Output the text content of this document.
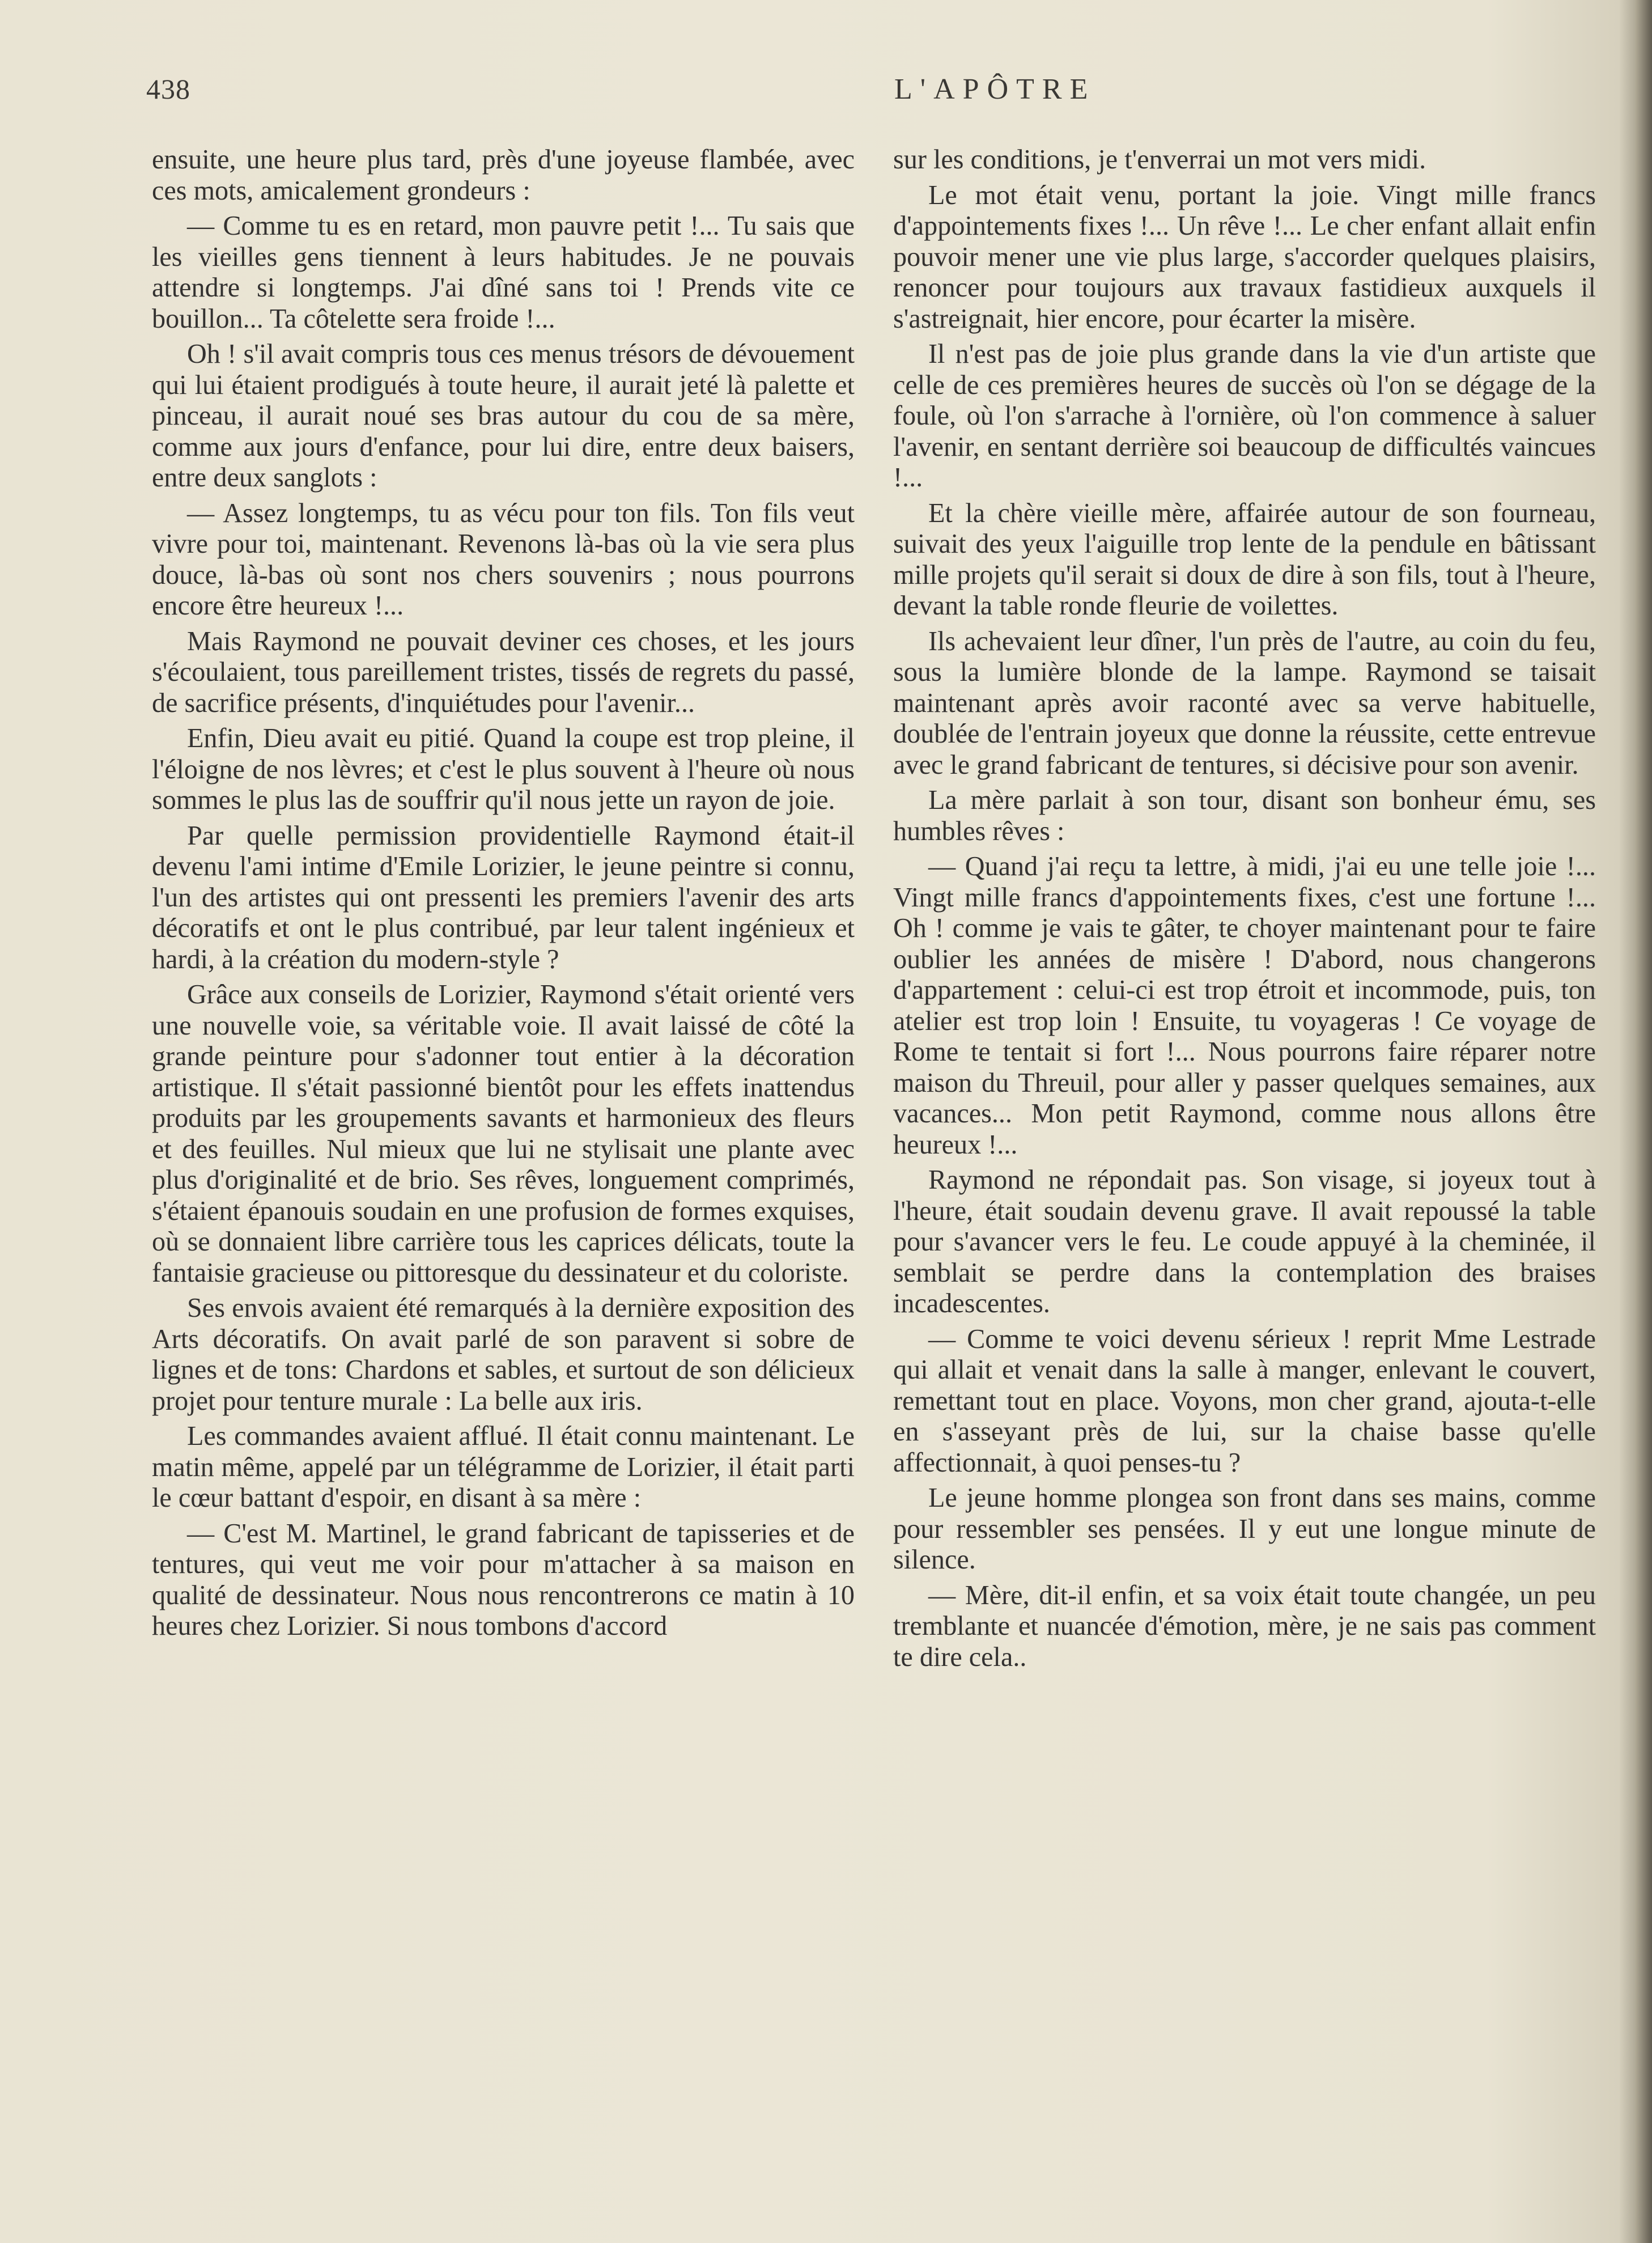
438	L'APÔTRE

ensuite, une heure plus tard, près d'une joyeuse flambée, avec ces mots, amicalement grondeurs :

— Comme tu es en retard, mon pauvre petit !... Tu sais que les vieilles gens tiennent à leurs habitudes. Je ne pouvais attendre si longtemps. J'ai dîné sans toi ! Prends vite ce bouillon... Ta côtelette sera froide !...

Oh ! s'il avait compris tous ces menus trésors de dévouement qui lui étaient prodigués à toute heure, il aurait jeté là palette et pinceau, il aurait noué ses bras autour du cou de sa mère, comme aux jours d'enfance, pour lui dire, entre deux baisers, entre deux sanglots :

— Assez longtemps, tu as vécu pour ton fils. Ton fils veut vivre pour toi, maintenant. Revenons là-bas où la vie sera plus douce, là-bas où sont nos chers souvenirs ; nous pourrons encore être heureux !...

Mais Raymond ne pouvait deviner ces choses, et les jours s'écoulaient, tous pareillement tristes, tissés de regrets du passé, de sacrifice présents, d'inquiétudes pour l'avenir...

Enfin, Dieu avait eu pitié. Quand la coupe est trop pleine, il l'éloigne de nos lèvres; et c'est le plus souvent à l'heure où nous sommes le plus las de souffrir qu'il nous jette un rayon de joie.

Par quelle permission providentielle Raymond était-il devenu l'ami intime d'Emile Lorizier, le jeune peintre si connu, l'un des artistes qui ont pressenti les premiers l'avenir des arts décoratifs et ont le plus contribué, par leur talent ingénieux et hardi, à la création du modern-style ?

Grâce aux conseils de Lorizier, Raymond s'était orienté vers une nouvelle voie, sa véritable voie. Il avait laissé de côté la grande peinture pour s'adonner tout entier à la décoration artistique. Il s'était passionné bientôt pour les effets inattendus produits par les groupements savants et harmonieux des fleurs et des feuilles. Nul mieux que lui ne stylisait une plante avec plus d'originalité et de brio. Ses rêves, longuement comprimés, s'étaient épanouis soudain en une profusion de formes exquises, où se donnaient libre carrière tous les caprices délicats, toute la fantaisie gracieuse ou pittoresque du dessinateur et du coloriste.

Ses envois avaient été remarqués à la dernière exposition des Arts décoratifs. On avait parlé de son paravent si sobre de lignes et de tons: Chardons et sables, et surtout de son délicieux projet pour tenture murale : La belle aux iris.

Les commandes avaient afflué. Il était connu maintenant. Le matin même, appelé par un télégramme de Lorizier, il était parti le cœur battant d'espoir, en disant à sa mère :

— C'est M. Martinel, le grand fabricant de tapisseries et de tentures, qui veut me voir pour m'attacher à sa maison en qualité de dessinateur. Nous nous rencontrerons ce matin à 10 heures chez Lorizier. Si nous tombons d'accord

sur les conditions, je t'enverrai un mot vers midi.

Le mot était venu, portant la joie. Vingt mille francs d'appointements fixes !... Un rêve !... Le cher enfant allait enfin pouvoir mener une vie plus large, s'accorder quelques plaisirs, renoncer pour toujours aux travaux fastidieux auxquels il s'astreignait, hier encore, pour écarter la misère.

Il n'est pas de joie plus grande dans la vie d'un artiste que celle de ces premières heures de succès où l'on se dégage de la foule, où l'on s'arrache à l'ornière, où l'on commence à saluer l'avenir, en sentant derrière soi beaucoup de difficultés vaincues !...

Et la chère vieille mère, affairée autour de son fourneau, suivait des yeux l'aiguille trop lente de la pendule en bâtissant mille projets qu'il serait si doux de dire à son fils, tout à l'heure, devant la table ronde fleurie de voilettes.

Ils achevaient leur dîner, l'un près de l'autre, au coin du feu, sous la lumière blonde de la lampe. Raymond se taisait maintenant après avoir raconté avec sa verve habituelle, doublée de l'entrain joyeux que donne la réussite, cette entrevue avec le grand fabricant de tentures, si décisive pour son avenir.

La mère parlait à son tour, disant son bonheur ému, ses humbles rêves :

— Quand j'ai reçu ta lettre, à midi, j'ai eu une telle joie !... Vingt mille francs d'appointements fixes, c'est une fortune !... Oh ! comme je vais te gâter, te choyer maintenant pour te faire oublier les années de misère ! D'abord, nous changerons d'appartement : celui-ci est trop étroit et incommode, puis, ton atelier est trop loin ! Ensuite, tu voyageras ! Ce voyage de Rome te tentait si fort !... Nous pourrons faire réparer notre maison du Threuil, pour aller y passer quelques semaines, aux vacances... Mon petit Raymond, comme nous allons être heureux !...

Raymond ne répondait pas. Son visage, si joyeux tout à l'heure, était soudain devenu grave. Il avait repoussé la table pour s'avancer vers le feu. Le coude appuyé à la cheminée, il semblait se perdre dans la contemplation des braises incadescentes.

— Comme te voici devenu sérieux ! reprit Mme Lestrade qui allait et venait dans la salle à manger, enlevant le couvert, remettant tout en place. Voyons, mon cher grand, ajouta-t-elle en s'asseyant près de lui, sur la chaise basse qu'elle affectionnait, à quoi penses-tu ?

Le jeune homme plongea son front dans ses mains, comme pour ressembler ses pensées. Il y eut une longue minute de silence.

— Mère, dit-il enfin, et sa voix était toute changée, un peu tremblante et nuancée d'émotion, mère, je ne sais pas comment te dire cela..
